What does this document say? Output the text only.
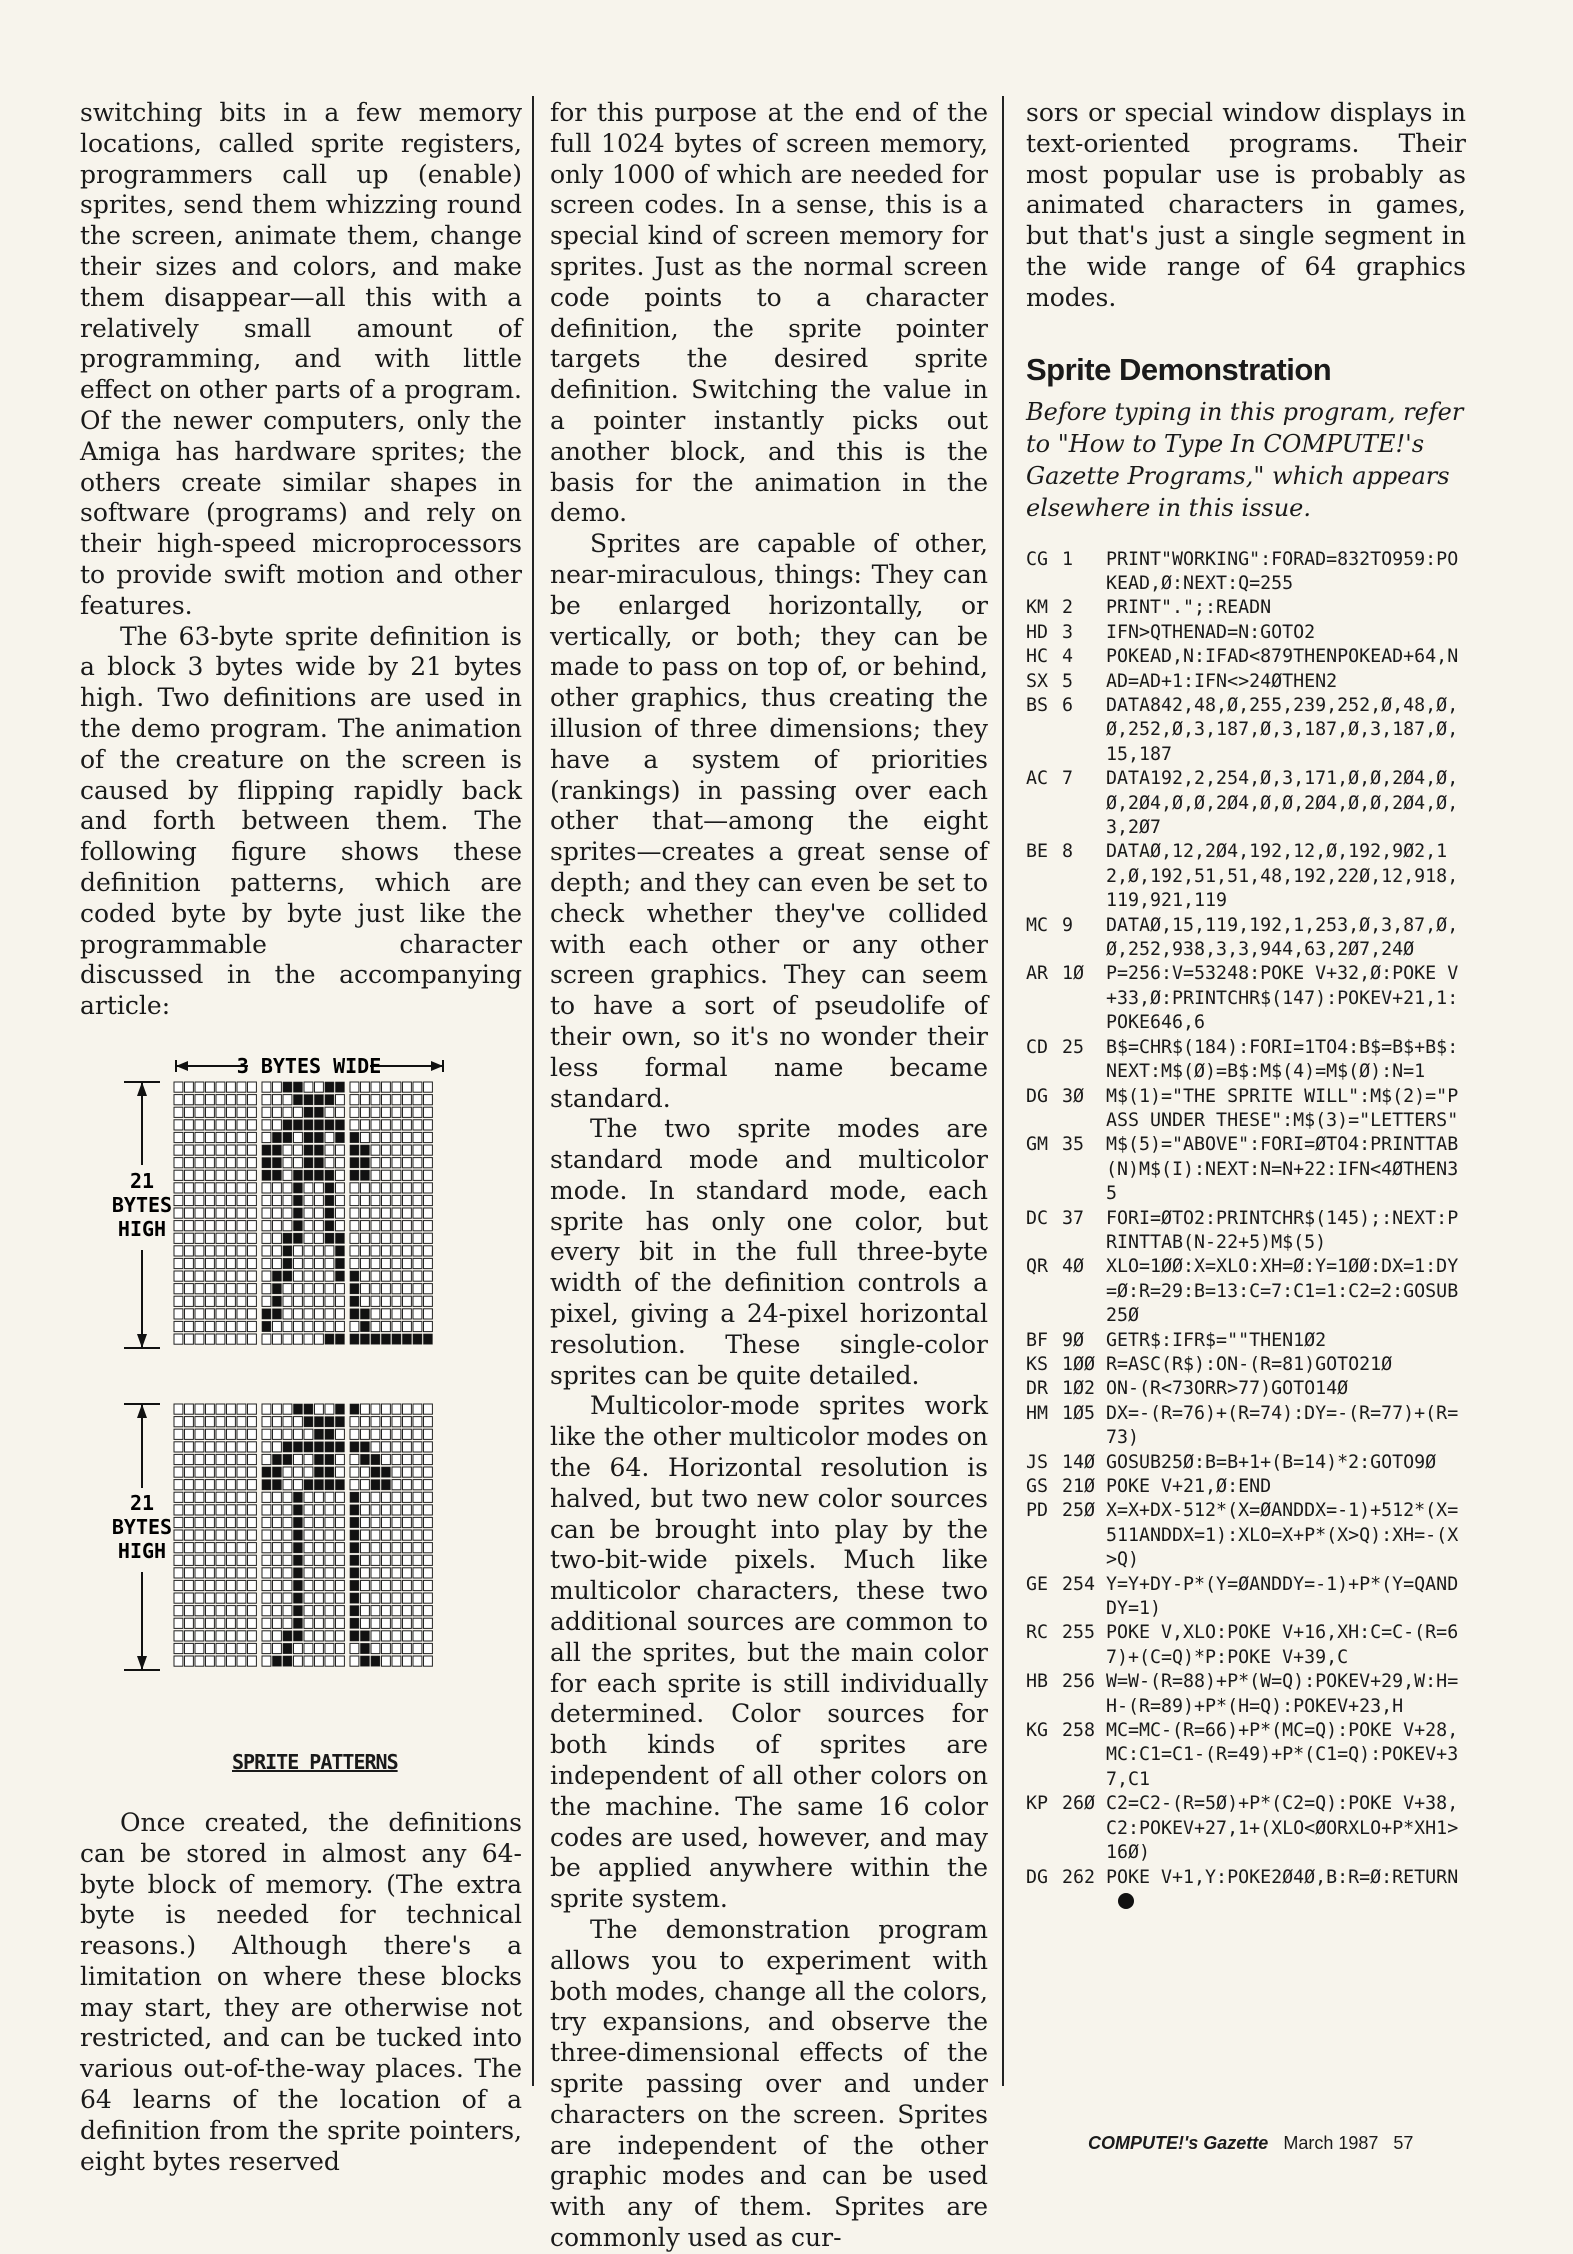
switching bits in a few memory locations, called sprite registers, programmers call up (enable) sprites, send them whizzing round the screen, animate them, change their sizes and colors, and make them disappear—all this with a relatively small amount of programming, and with little effect on other parts of a program. Of the newer computers, only the Amiga has hardware sprites; the others create similar shapes in software (programs) and rely on their high-speed microprocessors to provide swift motion and other features.

The 63-byte sprite definition is a block 3 bytes wide by 21 bytes high. Two definitions are used in the demo program. The animation of the creature on the screen is caused by flipping rapidly back and forth between them. The following figure shows these definition patterns, which are coded byte by byte just like the programmable character discussed in the accompanying article:

3 BYTES WIDE
21
BYTES
HIGH
21
BYTES
HIGH
SPRITE PATTERNS

Once created, the definitions can be stored in almost any 64-byte block of memory. (The extra byte is needed for technical reasons.) Although there's a limitation on where these blocks may start, they are otherwise not restricted, and can be tucked into various out-of-the-way places. The 64 learns of the location of a definition from the sprite pointers, eight bytes reserved

for this purpose at the end of the full 1024 bytes of screen memory, only 1000 of which are needed for screen codes. In a sense, this is a special kind of screen memory for sprites. Just as the normal screen code points to a character definition, the sprite pointer targets the desired sprite definition. Switching the value in a pointer instantly picks out another block, and this is the basis for the animation in the demo.

Sprites are capable of other, near-miraculous, things: They can be enlarged horizontally, or vertically, or both; they can be made to pass on top of, or behind, other graphics, thus creating the illusion of three dimensions; they have a system of priorities (rankings) in passing over each other that—among the eight sprites—creates a great sense of depth; and they can even be set to check whether they've collided with each other or any other screen graphics. They can seem to have a sort of pseudolife of their own, so it's no wonder their less formal name became standard.

The two sprite modes are standard mode and multicolor mode. In standard mode, each sprite has only one color, but every bit in the full three-byte width of the definition controls a pixel, giving a 24-pixel horizontal resolution. These single-color sprites can be quite detailed.

Multicolor-mode sprites work like the other multicolor modes on the 64. Horizontal resolution is halved, but two new color sources can be brought into play by the two-bit-wide pixels. Much like multicolor characters, these two additional sources are common to all the sprites, but the main color for each sprite is still individually determined. Color sources for both kinds of sprites are independent of all other colors on the machine. The same 16 color codes are used, however, and may be applied anywhere within the sprite system.

The demonstration program allows you to experiment with both modes, change all the colors, try expansions, and observe the three-dimensional effects of the sprite passing over and under characters on the screen. Sprites are independent of the other graphic modes and can be used with any of them. Sprites are commonly used as cur-

sors or special window displays in text-oriented programs. Their most popular use is probably as animated characters in games, but that's just a single segment in the wide range of 64 graphics modes.

Sprite Demonstration

Before typing in this program, refer to "How to Type In COMPUTE!'s Gazette Programs," which appears elsewhere in this issue.

CG 1	PRINT"WORKING":FORAD=832TO959:POKEAD,Ø:NEXT:Q=255
KM 2	PRINT".";:READN
HD 3	IFN>QTHENAD=N:GOTO2
HC 4	POKEAD,N:IFAD<879THENPOKEAD+64,N
SX 5	AD=AD+1:IFN<>24ØTHEN2
BS 6	DATA842,48,Ø,255,239,252,Ø,48,Ø,Ø,252,Ø,3,187,Ø,3,187,Ø,3,187,Ø,15,187
AC 7	DATA192,2,254,Ø,3,171,Ø,Ø,2Ø4,Ø,Ø,2Ø4,Ø,Ø,2Ø4,Ø,Ø,2Ø4,Ø,Ø,2Ø4,Ø,3,2Ø7
BE 8	DATAØ,12,2Ø4,192,12,Ø,192,9Ø2,12,Ø,192,51,51,48,192,22Ø,12,918,119,921,119
MC 9	DATAØ,15,119,192,1,253,Ø,3,87,Ø,Ø,252,938,3,3,944,63,2Ø7,24Ø
AR 1Ø	P=256:V=53248:POKE V+32,Ø:POKE V+33,Ø:PRINTCHR$(147):POKEV+21,1:POKE646,6
CD 25	B$=CHR$(184):FORI=1TO4:B$=B$+B$:NEXT:M$(Ø)=B$:M$(4)=M$(Ø):N=1
DG 3Ø	M$(1)="THE SPRITE WILL":M$(2)="PASS UNDER THESE":M$(3)="LETTERS"
GM 35	M$(5)="ABOVE":FORI=ØTO4:PRINTTAB(N)M$(I):NEXT:N=N+22:IFN<4ØTHEN35
DC 37	FORI=ØTO2:PRINTCHR$(145);:NEXT:PRINTTAB(N-22+5)M$(5)
QR 4Ø	XLO=1ØØ:X=XLO:XH=Ø:Y=1ØØ:DX=1:DY=Ø:R=29:B=13:C=7:C1=1:C2=2:GOSUB25Ø
BF 9Ø	GETR$:IFR$=""THEN1Ø2
KS 1ØØ R=ASC(R$):ON-(R=81)GOTO21Ø
DR 1Ø2 ON-(R<73ORR>77)GOTO14Ø
HM 1Ø5 DX=-(R=76)+(R=74):DY=-(R=77)+(R=73)
JS 14Ø GOSUB25Ø:B=B+1+(B=14)*2:GOTO9Ø
GS 21Ø POKE V+21,Ø:END
PD 25Ø X=X+DX-512*(X=ØANDDX=-1)+512*(X=511ANDDX=1):XLO=X+P*(X>Q):XH=-(X>Q)
GE 254 Y=Y+DY-P*(Y=ØANDDY=-1)+P*(Y=QANDDY=1)
RC 255 POKE V,XLO:POKE V+16,XH:C=C-(R=67)+(C=Q)*P:POKE V+39,C
HB 256 W=W-(R=88)+P*(W=Q):POKEV+29,W:H=H-(R=89)+P*(H=Q):POKEV+23,H
KG 258 MC=MC-(R=66)+P*(MC=Q):POKE V+28,MC:C1=C1-(R=49)+P*(C1=Q):POKEV+37,C1
KP 26Ø C2=C2-(R=5Ø)+P*(C2=Q):POKE V+38,C2:POKEV+27,1+(XLO<ØORXLO+P*XH1>16Ø)
DG 262 POKE V+1,Y:POKE2Ø4Ø,B:R=Ø:RETURN
COMPUTE!'s Gazette March 1987 57
